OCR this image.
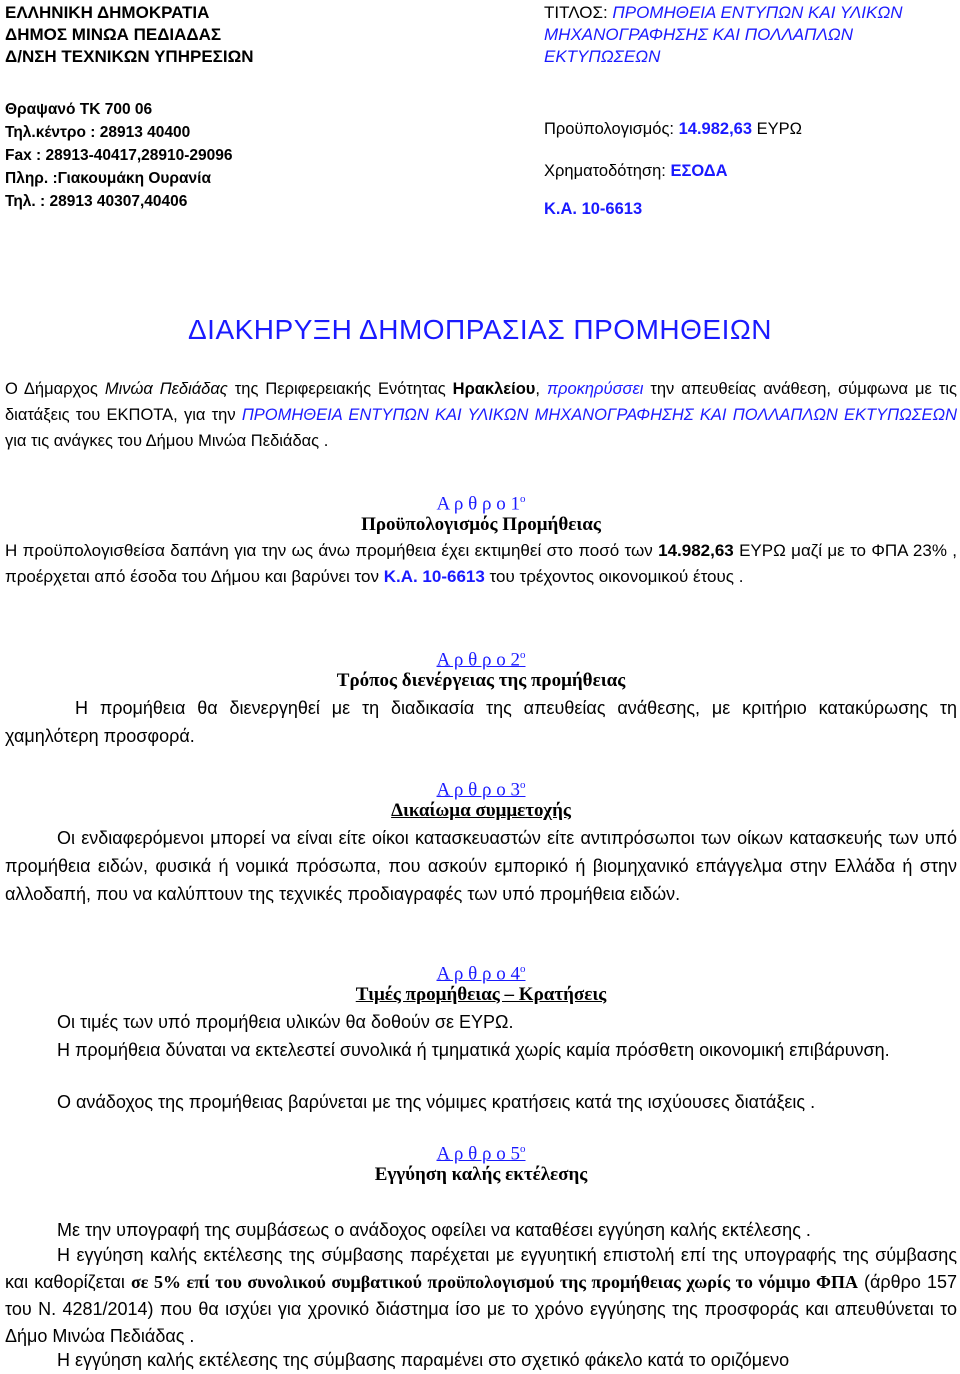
ΕΛΛΗΝΙΚΗ ΔΗΜΟΚΡΑΤΙΑ

ΔΗΜΟΣ ΜΙΝΩΑ ΠΕΔΙΑΔΑΣ

Δ/ΝΣΗ ΤΕΧΝΙΚΩΝ ΥΠΗΡΕΣΙΩΝ

Θραψανό ΤΚ 700 06

Τηλ.κέντρο : 28913 40400

Fax : 28913-40417,28910-29096

Πληρ. :Γιακουμάκη Ουρανία

Τηλ. : 28913 40307,40406

ΤΙΤΛΟΣ: ΠΡΟΜΗΘΕΙΑ ΕΝΤΥΠΩΝ ΚΑΙ ΥΛΙΚΩΝ

ΜΗΧΑΝΟΓΡΑΦΗΣΗΣ ΚΑΙ ΠΟΛΛΑΠΛΩΝ

ΕΚΤΥΠΩΣΕΩΝ

Προϋπολογισμός: 14.982,63 ΕΥΡΩ
Χρηματοδότηση: ΕΣΟΔΑ
Κ.Α. 10-6613
ΔΙΑΚΗΡΥΞΗ ΔΗΜΟΠΡΑΣΙΑΣ ΠΡΟΜΗΘΕΙΩΝ
Ο Δήμαρχος Μινώα Πεδιάδας της Περιφερειακής Ενότητας Ηρακλείου, προκηρύσσει την απευθείας ανάθεση, σύμφωνα με τις διατάξεις του ΕΚΠΟΤΑ, για την ΠΡΟΜΗΘΕΙΑ ΕΝΤΥΠΩΝ ΚΑΙ ΥΛΙΚΩΝ ΜΗΧΑΝΟΓΡΑΦΗΣΗΣ ΚΑΙ ΠΟΛΛΑΠΛΩΝ ΕΚΤΥΠΩΣΕΩΝ για τις ανάγκες του Δήμου Μινώα Πεδιάδας .
Α ρ θ ρ ο $1^o$
Προϋπολογισμός Προμήθειας
Η προϋπολογισθείσα δαπάνη για την ως άνω προμήθεια έχει εκτιμηθεί στο ποσό των 14.982,63 ΕΥΡΩ μαζί με το ΦΠΑ 23% , προέρχεται από έσοδα του Δήμου και βαρύνει τον Κ.Α. 10-6613 του τρέχοντος οικονομικού έτους .
Α ρ θ ρ ο $2^o$
Τρόπος διενέργειας της προμήθειας
Η προμήθεια θα διενεργηθεί με τη διαδικασία της απευθείας ανάθεσης, με κριτήριο κατακύρωσης τη χαμηλότερη προσφορά.
Α ρ θ ρ ο $3^o$
Δικαίωμα συμμετοχής
Οι ενδιαφερόμενοι μπορεί να είναι είτε οίκοι κατασκευαστών είτε αντιπρόσωποι των οίκων κατασκευής των υπό προμήθεια ειδών, φυσικά ή νομικά πρόσωπα, που ασκούν εμπορικό ή βιομηχανικό επάγγελμα στην Ελλάδα ή στην αλλοδαπή, που να καλύπτουν της τεχνικές προδιαγραφές των υπό προμήθεια ειδών.
Α ρ θ ρ ο $4^o$
Τιμές προμήθειας – Κρατήσεις
Οι τιμές των υπό προμήθεια υλικών θα δοθούν σε ΕΥΡΩ.
Η προμήθεια δύναται να εκτελεστεί συνολικά ή τμηματικά χωρίς καμία πρόσθετη οικονομική επιβάρυνση.
Ο ανάδοχος της προμήθειας βαρύνεται με της νόμιμες κρατήσεις κατά της ισχύουσες διατάξεις .
Α ρ θ ρ ο $5^o$
Εγγύηση καλής εκτέλεσης
Με την υπογραφή της συμβάσεως ο ανάδοχος οφείλει να καταθέσει εγγύηση καλής εκτέλεσης .
Η εγγύηση καλής εκτέλεσης της σύμβασης παρέχεται με εγγυητική επιστολή επί της υπογραφής της σύμβασης και καθορίζεται σε 5% επί του συνολικού συμβατικού προϋπολογισμού της προμήθειας χωρίς το νόμιμο ΦΠΑ (άρθρο 157 του Ν. 4281/2014) που θα ισχύει για χρονικό διάστημα ίσο με το χρόνο εγγύησης της προσφοράς και απευθύνεται το Δήμο Μινώα Πεδιάδας .
Η εγγύηση καλής εκτέλεσης της σύμβασης παραμένει στο σχετικό φάκελο κατά το οριζόμενο
